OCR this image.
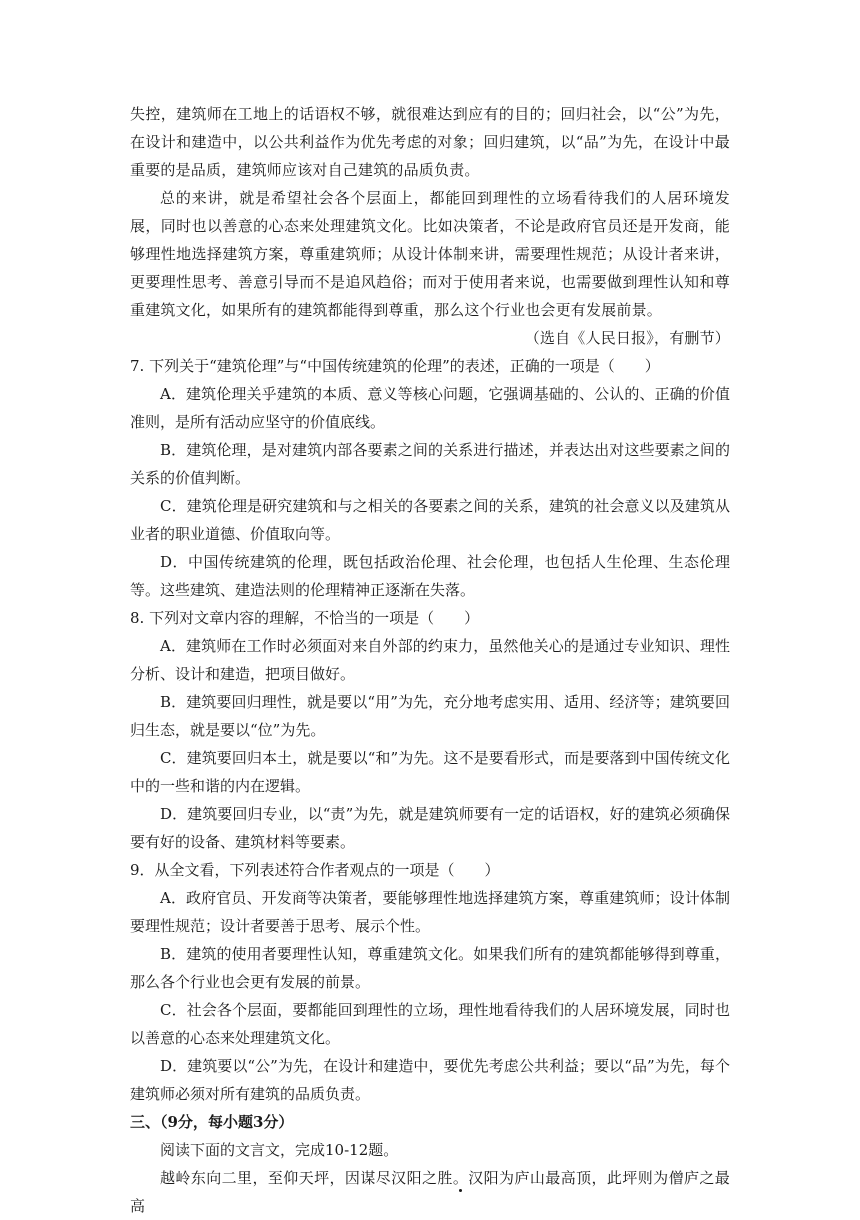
失控，建筑师在工地上的话语权不够，就很难达到应有的目的；回归社会，以“公”为先，在设计和建造中，以公共利益作为优先考虑的对象；回归建筑，以“品”为先，在设计中最重要的是品质，建筑师应该对自己建筑的品质负责。

总的来讲，就是希望社会各个层面上，都能回到理性的立场看待我们的人居环境发展，同时也以善意的心态来处理建筑文化。比如决策者，不论是政府官员还是开发商，能够理性地选择建筑方案，尊重建筑师；从设计体制来讲，需要理性规范；从设计者来讲，更要理性思考、善意引导而不是追风趋俗；而对于使用者来说，也需要做到理性认知和尊重建筑文化，如果所有的建筑都能得到尊重，那么这个行业也会更有发展前景。

（选自《人民日报》，有删节）

7. 下列关于“建筑伦理”与“中国传统建筑的伦理”的表述，正确的一项是（　　）

A．建筑伦理关乎建筑的本质、意义等核心问题，它强调基础的、公认的、正确的价值准则，是所有活动应坚守的价值底线。

B．建筑伦理，是对建筑内部各要素之间的关系进行描述，并表达出对这些要素之间的关系的价值判断。

C．建筑伦理是研究建筑和与之相关的各要素之间的关系，建筑的社会意义以及建筑从业者的职业道德、价值取向等。

D．中国传统建筑的伦理，既包括政治伦理、社会伦理，也包括人生伦理、生态伦理等。这些建筑、建造法则的伦理精神正逐渐在失落。

8. 下列对文章内容的理解，不恰当的一项是（　　）

A．建筑师在工作时必须面对来自外部的约束力，虽然他关心的是通过专业知识、理性分析、设计和建造，把项目做好。

B．建筑要回归理性，就是要以“用”为先，充分地考虑实用、适用、经济等；建筑要回归生态，就是要以“位”为先。

C．建筑要回归本土，就是要以“和”为先。这不是要看形式，而是要落到中国传统文化中的一些和谐的内在逻辑。

D．建筑要回归专业，以“责”为先，就是建筑师要有一定的话语权，好的建筑必须确保要有好的设备、建筑材料等要素。

9．从全文看，下列表述符合作者观点的一项是（　　）

A．政府官员、开发商等决策者，要能够理性地选择建筑方案，尊重建筑师；设计体制要理性规范；设计者要善于思考、展示个性。

B．建筑的使用者要理性认知，尊重建筑文化。如果我们所有的建筑都能够得到尊重，那么各个行业也会更有发展的前景。

C．社会各个层面，要都能回到理性的立场，理性地看待我们的人居环境发展，同时也以善意的心态来处理建筑文化。

D．建筑要以“公”为先，在设计和建造中，要优先考虑公共利益；要以“品”为先，每个建筑师必须对所有建筑的品质负责。

三、（9分，每小题3分）

阅读下面的文言文，完成10-12题。

越岭东向二里，至仰天坪，因谋尽汉阳之胜。汉阳为庐山最高顶，此坪则为僧庐之最高
